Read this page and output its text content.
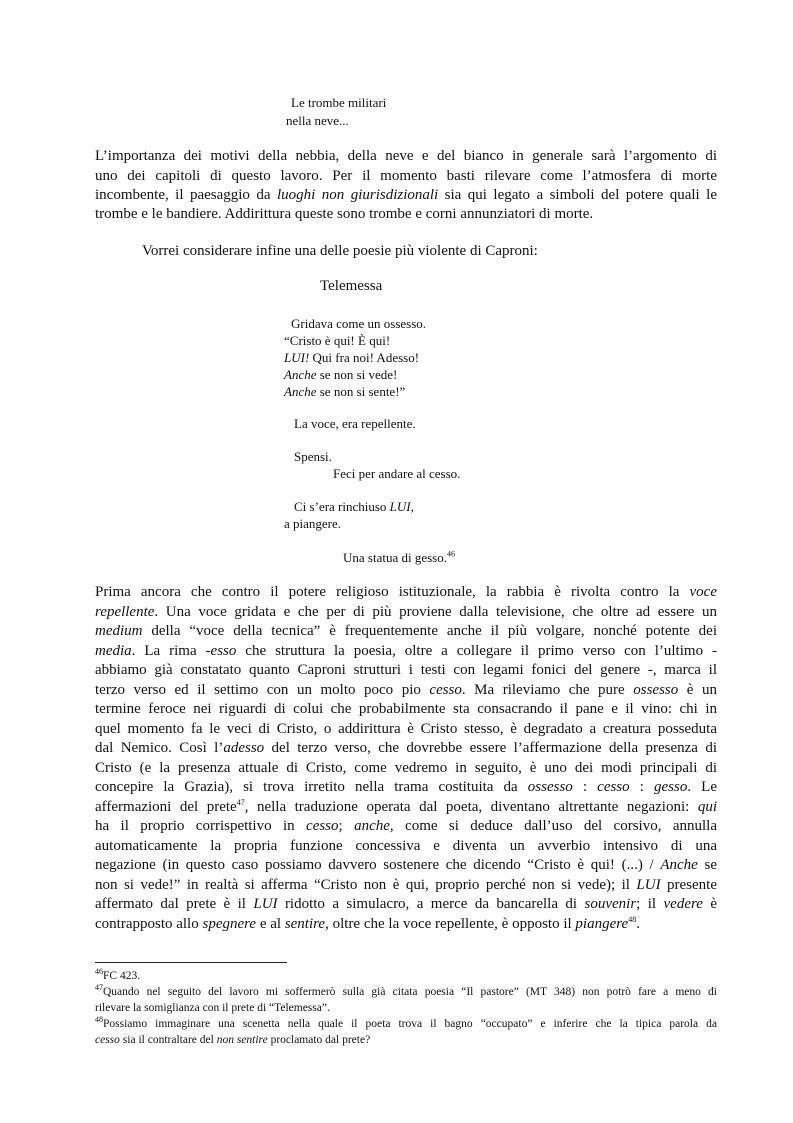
Le trombe militari
nella neve...
L’importanza dei motivi della nebbia, della neve e del bianco in generale sarà l’argomento di
uno dei capitoli di questo lavoro. Per il momento basti rilevare come l’atmosfera di morte
incombente, il paesaggio da luoghi non giurisdizionali sia qui legato a simboli del potere quali le
trombe e le bandiere. Addirittura queste sono trombe e corni annunziatori di morte.
Vorrei considerare infine una delle poesie più violente di Caproni:
Telemessa
Gridava come un ossesso.
“Cristo è qui! È qui!
LUI! Qui fra noi! Adesso!
Anche se non si vede!
Anche se non si sente!”
La voce, era repellente.
Spensi.
Feci per andare al cesso.
Ci s’era rinchiuso LUI,
a piangere.
Una statua di gesso.$^{46}$
Prima ancora che contro il potere religioso istituzionale, la rabbia è rivolta contro la voce
repellente. Una voce gridata e che per di più proviene dalla televisione, che oltre ad essere un
medium della “voce della tecnica” è frequentemente anche il più volgare, nonché potente dei
media. La rima -esso che struttura la poesia, oltre a collegare il primo verso con l’ultimo -
abbiamo già constatato quanto Caproni strutturi i testi con legami fonici del genere -, marca il
terzo verso ed il settimo con un molto poco pio cesso. Ma rileviamo che pure ossesso è un
termine feroce nei riguardi di colui che probabilmente sta consacrando il pane e il vino: chi in
quel momento fa le veci di Cristo, o addirittura è Cristo stesso, è degradato a creatura posseduta
dal Nemico. Così l’adesso del terzo verso, che dovrebbe essere l’affermazione della presenza di
Cristo (e la presenza attuale di Cristo, come vedremo in seguito, è uno dei modi principali di
concepire la Grazia), si trova irretito nella trama costituita da ossesso : cesso : gesso. Le
affermazioni del prete$^{47}$, nella traduzione operata dal poeta, diventano altrettante negazioni: qui
ha il proprio corrispettivo in cesso; anche, come si deduce dall’uso del corsivo, annulla
automaticamente la propria funzione concessiva e diventa un avverbio intensivo di una
negazione (in questo caso possiamo davvero sostenere che dicendo “Cristo è qui! (...) / Anche se
non si vede!” in realtà si afferma “Cristo non è qui, proprio perché non si vede); il LUI presente
affermato dal prete è il LUI ridotto a simulacro, a merce da bancarella di souvenir; il vedere è
contrapposto allo spegnere e al sentire, oltre che la voce repellente, è opposto il piangere$^{48}$.
$^{46}$FC 423.
$^{47}$Quando nel seguito del lavoro mi soffermerò sulla già citata poesia “Il pastore” (MT 348) non potrò fare a meno di
rilevare la somiglianza con il prete di “Telemessa”.
$^{48}$Possiamo immaginare una scenetta nella quale il poeta trova il bagno “occupato” e inferire che la tipica parola da
cesso sia il contraltare del non sentire proclamato dal prete?
